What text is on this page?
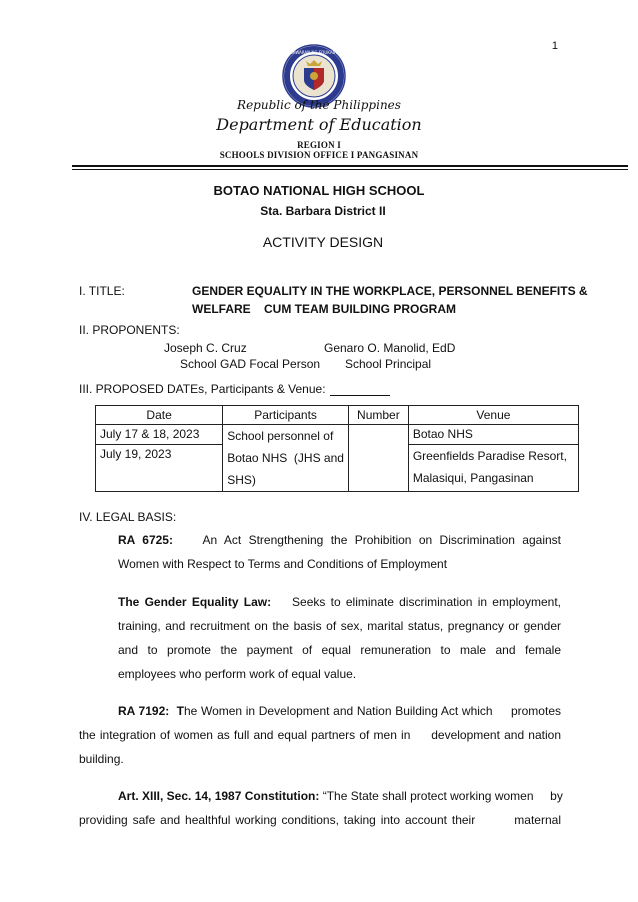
1
KAGAWARAN NG EDUKASYON
Republic of the Philippines
Department of Education
REGION I
SCHOOLS DIVISION OFFICE I PANGASINAN
BOTAO NATIONAL HIGH SCHOOL
Sta. Barbara District II
ACTIVITY DESIGN
I. TITLE:	GENDER EQUALITY IN THE WORKPLACE, PERSONNEL BENEFITS &
WELFARE    CUM TEAM BUILDING PROGRAM
II. PROPONENTS:
Joseph C. Cruz
School GAD Focal Person
Genaro O. Manolid, EdD
School Principal
III. PROPOSED DATEs, Participants & Venue:
Date	Participants	Number	Venue
July 17 & 18, 2023	School personnel of
Botao NHS  (JHS and
SHS)		Botao NHS
July 19, 2023			Greenfields Paradise Resort,
Malasiqui, Pangasinan
IV. LEGAL BASIS:
RA 6725: An Act Strengthening the Prohibition on Discrimination against
Women with Respect to Terms and Conditions of Employment
The Gender Equality Law: Seeks to eliminate discrimination in employment,
training, and recruitment on the basis of sex, marital status, pregnancy or gender
and to promote the payment of equal remuneration to male and female
employees who perform work of equal value.
RA 7192:  The Women in Development and Nation Building Act which     promotes
the integration of women as full and equal partners of men in     development and nation
building.
Art. XIII, Sec. 14, 1987 Constitution: “The State shall protect working women     by
providing safe and healthful working conditions, taking into account their        maternal
